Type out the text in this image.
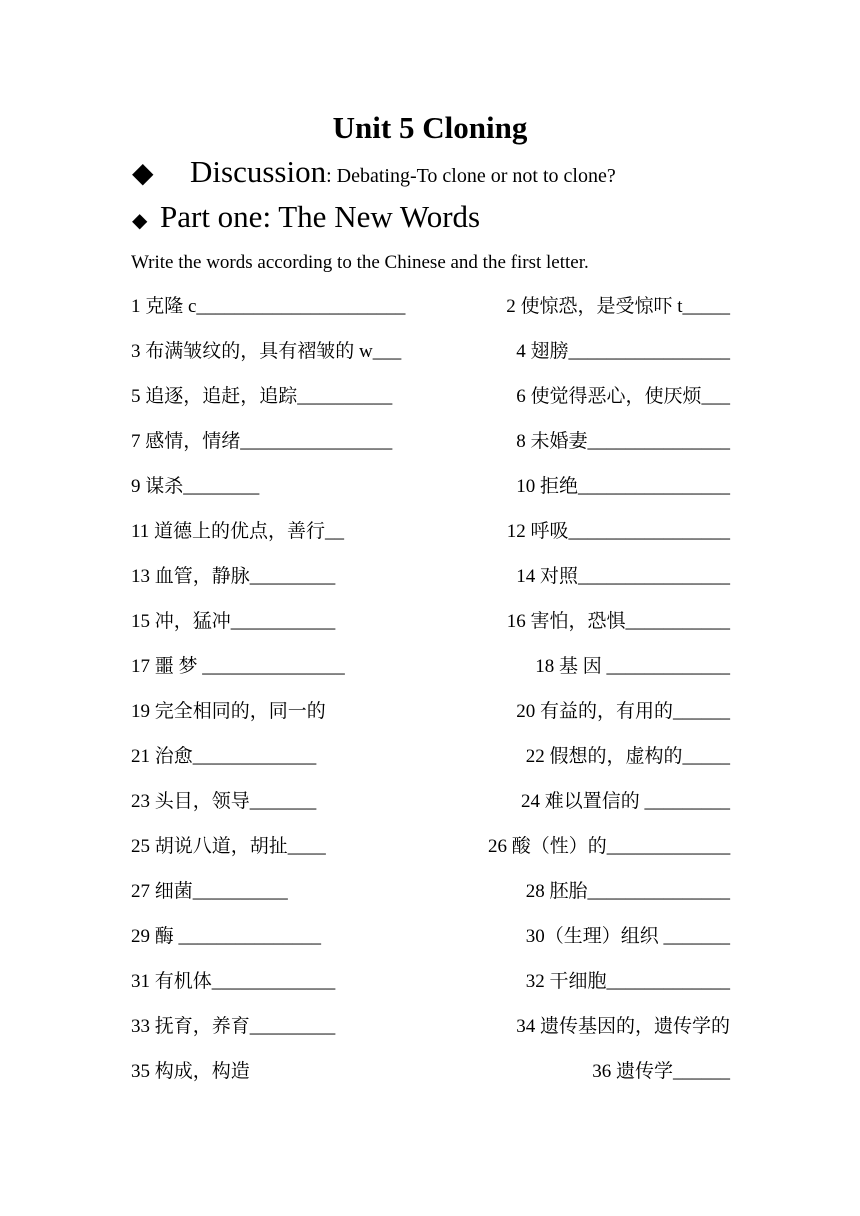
Unit 5 Cloning
◆	Discussion : Debating-To clone or not to clone?
◆ Part one: The New Words
Write the words according to the Chinese and the first letter.
1 克隆 c______________________	2 使惊恐，是受惊吓 t_____
3 布满皱纹的，具有褶皱的 w___	4 翅膀_________________
5 追逐，追赶，追踪__________	6 使觉得恶心，使厌烦___
7 感情，情绪________________	8 未婚妻_______________
9 谋杀________	10 拒绝________________
11 道德上的优点，善行__	12 呼吸_________________
13 血管，静脉_________	14 对照________________
15 冲，猛冲___________	16 害怕，恐惧___________
17 噩 梦 _______________	18 基 因 _____________
19 完全相同的，同一的	20 有益的，有用的______
21 治愈_____________	22 假想的，虚构的_____
23 头目，领导_______	24 难以置信的 _________
25 胡说八道，胡扯____	26 酸（性）的_____________
27 细菌__________	28 胚胎_______________
29 酶 _______________	30（生理）组织 _______
31 有机体_____________	32 干细胞_____________
33 抚育，养育_________	34 遗传基因的，遗传学的
35 构成，构造	36 遗传学______
